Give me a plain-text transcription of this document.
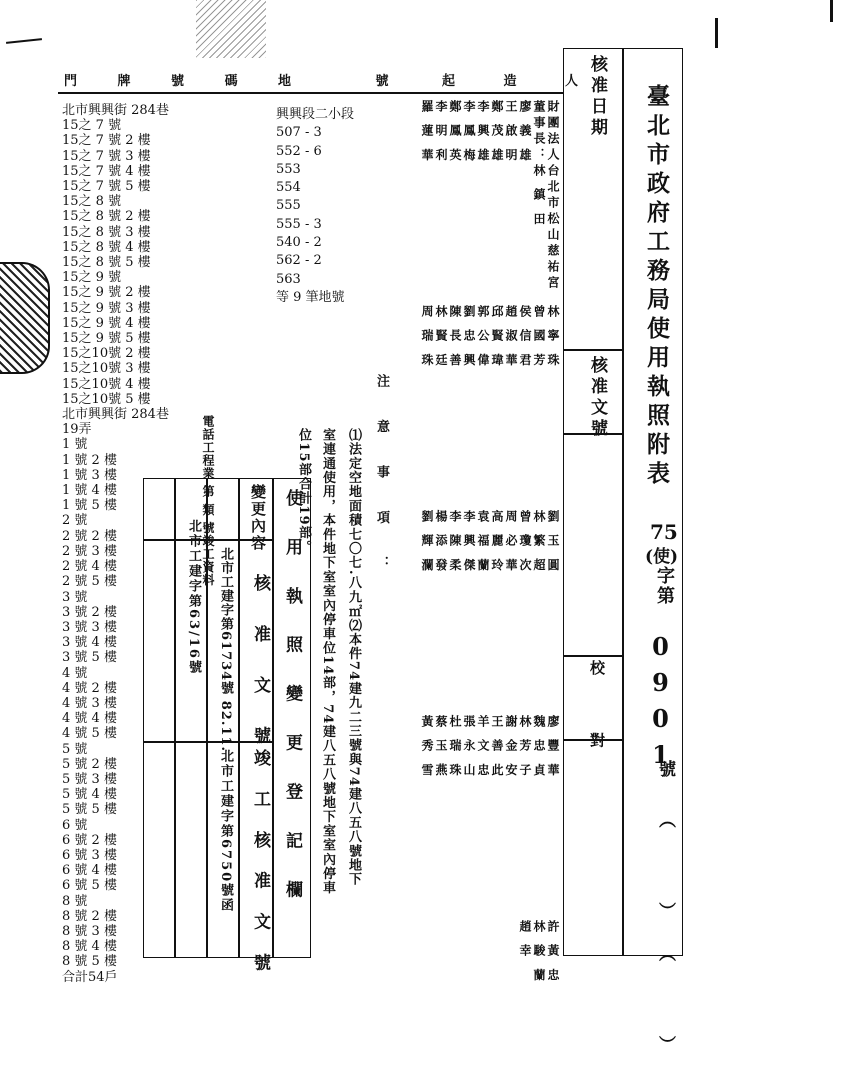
門 牌 號 碼 地 號 起 造 人
北市興興街 284巷
15之 7 號
15之 7 號 2 樓
15之 7 號 3 樓
15之 7 號 4 樓
15之 7 號 5 樓
15之 8 號
15之 8 號 2 樓
15之 8 號 3 樓
15之 8 號 4 樓
15之 8 號 5 樓
15之 9 號
15之 9 號 2 樓
15之 9 號 3 樓
15之 9 號 4 樓
15之 9 號 5 樓
15之10號 2 樓
15之10號 3 樓
15之10號 4 樓
15之10號 5 樓
北市興興街 284巷
19弄
1 號
1 號 2 樓
1 號 3 樓
1 號 4 樓
1 號 5 樓
2 號
2 號 2 樓
2 號 3 樓
2 號 4 樓
2 號 5 樓
3 號
3 號 2 樓
3 號 3 樓
3 號 4 樓
3 號 5 樓
4 號
4 號 2 樓
4 號 3 樓
4 號 4 樓
4 號 5 樓
5 號
5 號 2 樓
5 號 3 樓
5 號 4 樓
5 號 5 樓
6 號
6 號 2 樓
6 號 3 樓
6 號 4 樓
6 號 5 樓
8 號
8 號 2 樓
8 號 3 樓
8 號 4 樓
8 號 5 樓
合計54戶
興興段二小段
507 - 3
552 - 6
553
554
555
555 - 3
540 - 2
562 - 2
563
等 9 筆地號
注 意 事 項 ：
⑴法定空地面積七〇七.八九㎡⑵本件74建九二三號與74建八五八號地下
室連通使用，本件地下室室內停車位14部，74建八五八號地下室室內停車
位15部合計19部。
財團法人台北市松山慈祐宮
董事長：林 鎮 田
廖 義 雄
王 啟 明
鄭 茂 雄
李 興 雄
李 鳳 梅
鄭 鳳 英
李 明 利
羅 蓮 華
林 寧 珠
曾 國 芳
侯 信 君
趙 淑 華
邱 賢 瑋
郭 公 偉
劉 忠 興
陳 長 善
林 賢 廷
周 瑞 珠
劉 玉 圓
林 繁 超
曾 瓊 次
周 必 華
高 麗 玲
袁 福 蘭
李 興 傑
李 陳 柔
楊 添 發
劉 輝 瀾
廖 豐 華
魏 忠 貞
林 芳 子
謝 金 安
王 善 此
羊 文 忠
張 永 山
杜 瑞 珠
蔡 玉 燕
黃 秀 雪
許 黃 忠
林 駿 蘭
趙 幸
使 用 執 照 變 更 登 記 欄
變更內容
核 准 文 號
竣 工 核 准 文 號
北市工建字第6750號函
北市工建字第61734號 82.11.
北市工建字第63/16號
電話工程業 第 類 號竣工資料
核准日期
核准文號
校 對
臺北市政府工務局使用執照附表
75
(使)
字第
0901
號（ ）（ ）
